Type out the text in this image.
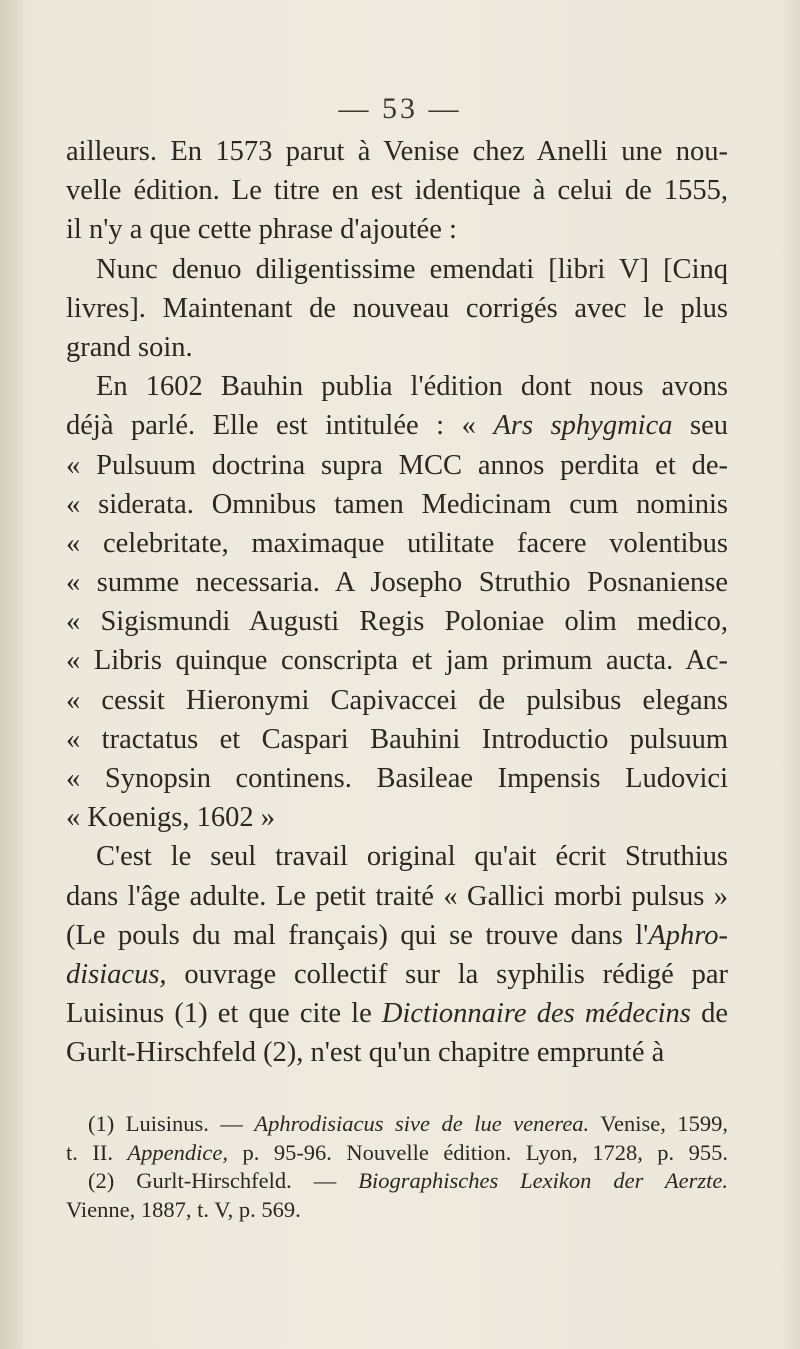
— 53 —
ailleurs. En 1573 parut à Venise chez Anelli une nou-
velle édition. Le titre en est identique à celui de 1555,
il n'y a que cette phrase d'ajoutée :
Nunc denuo diligentissime emendati [libri V] [Cinq
livres]. Maintenant de nouveau corrigés avec le plus
grand soin.
En 1602 Bauhin publia l'édition dont nous avons
déjà parlé. Elle est intitulée : « Ars sphygmica seu
« Pulsuum doctrina supra MCC annos perdita et de-
« siderata. Omnibus tamen Medicinam cum nominis
« celebritate, maximaque utilitate facere volentibus
« summe necessaria. A Josepho Struthio Posnaniense
« Sigismundi Augusti Regis Poloniae olim medico,
« Libris quinque conscripta et jam primum aucta. Ac-
« cessit Hieronymi Capivaccei de pulsibus elegans
« tractatus et Caspari Bauhini Introductio pulsuum
« Synopsin continens. Basileae Impensis Ludovici
« Koenigs, 1602 »
C'est le seul travail original qu'ait écrit Struthius
dans l'âge adulte. Le petit traité « Gallici morbi pulsus »
(Le pouls du mal français) qui se trouve dans l'Aphro-
disiacus, ouvrage collectif sur la syphilis rédigé par
Luisinus (1) et que cite le Dictionnaire des médecins de
Gurlt-Hirschfeld (2), n'est qu'un chapitre emprunté à
(1) Luisinus. — Aphrodisiacus sive de lue venerea. Venise, 1599,
t. II. Appendice, p. 95-96. Nouvelle édition. Lyon, 1728, p. 955.
(2) Gurlt-Hirschfeld. — Biographisches Lexikon der Aerzte.
Vienne, 1887, t. V, p. 569.
